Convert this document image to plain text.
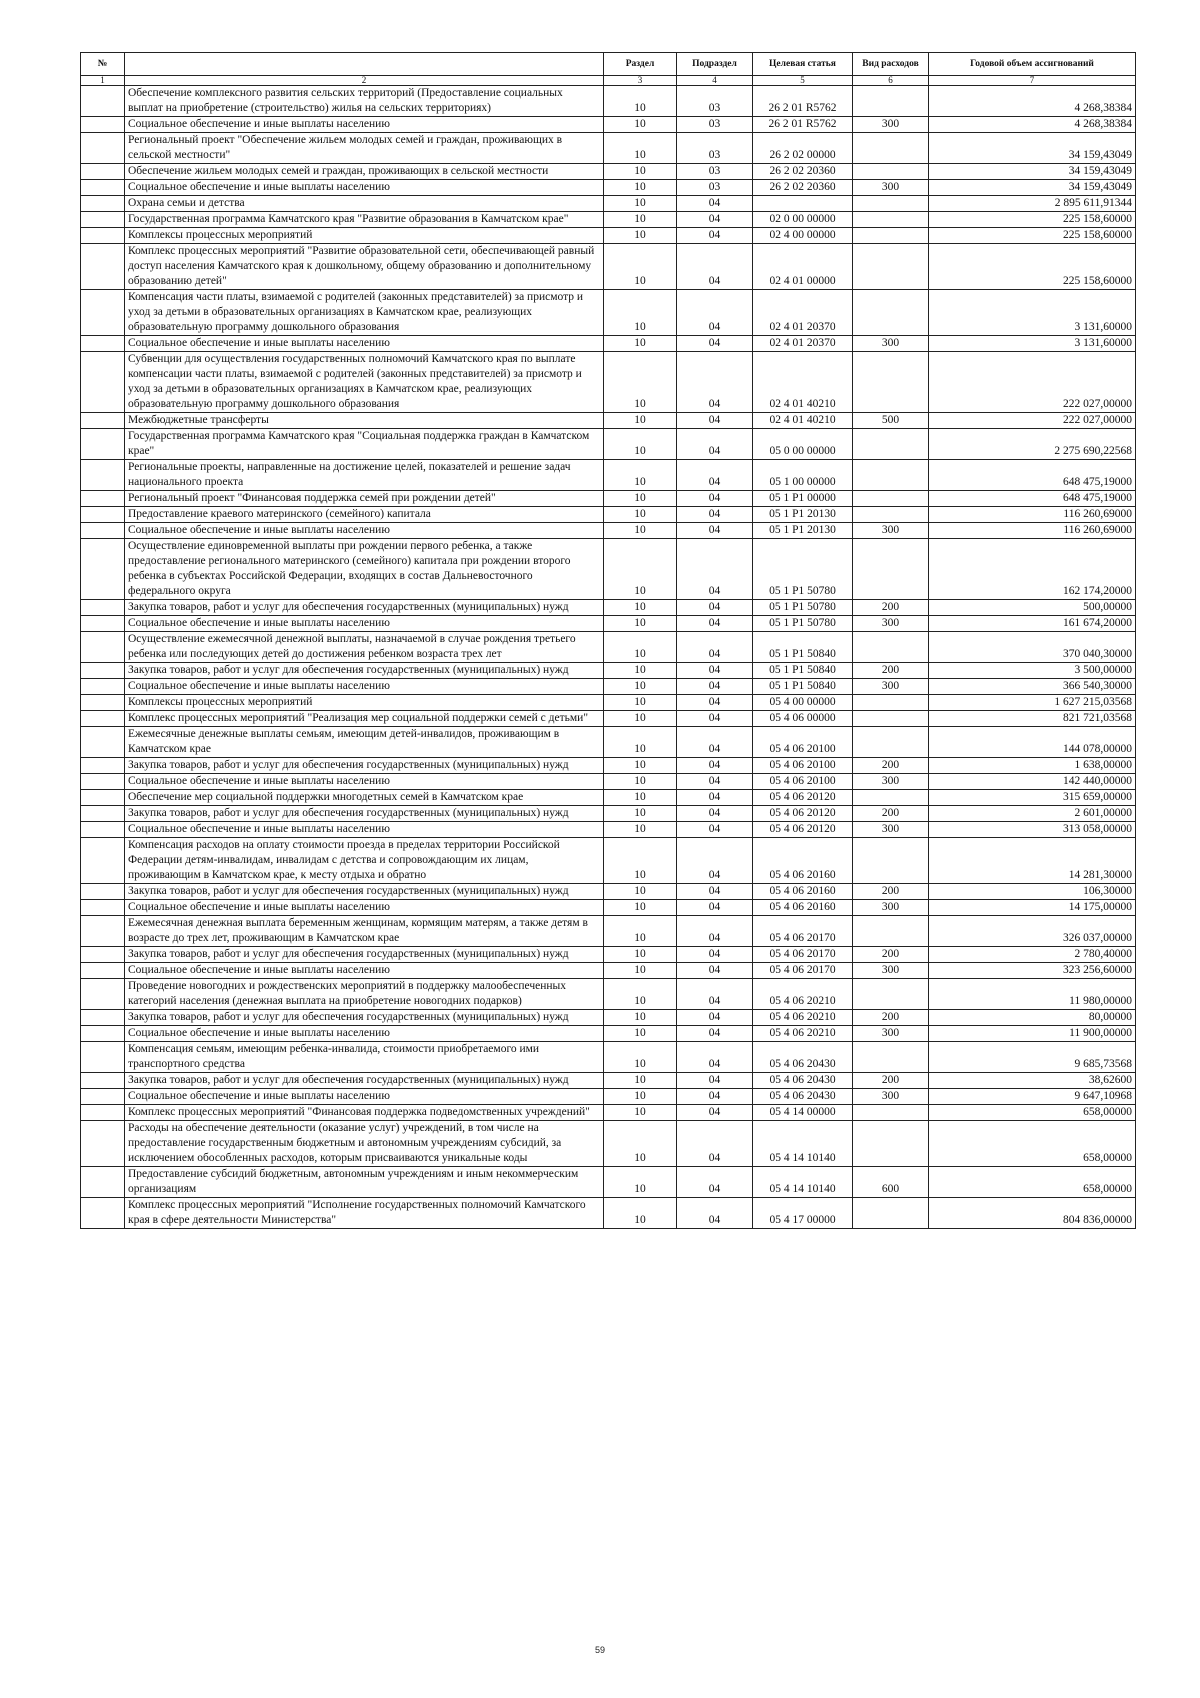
№		Раздел	Подраздел	Целевая статья	Вид расходов	Годовой объем ассигнований
1	2	3	4	5	6	7
	Обеспечение комплексного развития сельских территорий (Предоставление социальных выплат на приобретение (строительство) жилья на сельских территориях)	10	03	26 2 01 R5762		4 268,38384
	Социальное обеспечение и иные выплаты населению	10	03	26 2 01 R5762	300	4 268,38384
	Региональный проект "Обеспечение жильем молодых семей и граждан, проживающих в сельской местности"	10	03	26 2 02 00000		34 159,43049
	Обеспечение жильем молодых семей и граждан, проживающих в сельской местности	10	03	26 2 02 20360		34 159,43049
	Социальное обеспечение и иные выплаты населению	10	03	26 2 02 20360	300	34 159,43049
	Охрана семьи и детства	10	04			2 895 611,91344
	Государственная программа Камчатского края "Развитие образования в Камчатском крае"	10	04	02 0 00 00000		225 158,60000
	Комплексы процессных мероприятий	10	04	02 4 00 00000		225 158,60000
	Комплекс процессных мероприятий "Развитие образовательной сети, обеспечивающей равный доступ населения Камчатского края к дошкольному, общему образованию и дополнительному образованию детей"	10	04	02 4 01 00000		225 158,60000
	Компенсация части платы, взимаемой с родителей (законных представителей) за присмотр и уход за детьми в образовательных организациях в Камчатском крае, реализующих образовательную программу дошкольного образования	10	04	02 4 01 20370		3 131,60000
	Социальное обеспечение и иные выплаты населению	10	04	02 4 01 20370	300	3 131,60000
	Субвенции для осуществления государственных полномочий Камчатского края по выплате компенсации части платы, взимаемой с родителей (законных представителей) за присмотр и уход за детьми в образовательных организациях в Камчатском крае, реализующих образовательную программу дошкольного образования	10	04	02 4 01 40210		222 027,00000
	Межбюджетные трансферты	10	04	02 4 01 40210	500	222 027,00000
	Государственная программа Камчатского края "Социальная поддержка граждан в Камчатском крае"	10	04	05 0 00 00000		2 275 690,22568
	Региональные проекты, направленные на достижение целей, показателей и решение задач национального проекта	10	04	05 1 00 00000		648 475,19000
	Региональный проект "Финансовая поддержка семей при рождении детей"	10	04	05 1 P1 00000		648 475,19000
	Предоставление краевого материнского (семейного) капитала	10	04	05 1 P1 20130		116 260,69000
	Социальное обеспечение и иные выплаты населению	10	04	05 1 P1 20130	300	116 260,69000
	Осуществление единовременной выплаты при рождении первого ребенка, а также предоставление регионального материнского (семейного) капитала при рождении второго ребенка в субъектах Российской Федерации, входящих в состав Дальневосточного федерального округа	10	04	05 1 P1 50780		162 174,20000
	Закупка товаров, работ и услуг для обеспечения государственных (муниципальных) нужд	10	04	05 1 P1 50780	200	500,00000
	Социальное обеспечение и иные выплаты населению	10	04	05 1 P1 50780	300	161 674,20000
	Осуществление ежемесячной денежной выплаты, назначаемой в случае рождения третьего ребенка или последующих детей до достижения ребенком возраста трех лет	10	04	05 1 P1 50840		370 040,30000
	Закупка товаров, работ и услуг для обеспечения государственных (муниципальных) нужд	10	04	05 1 P1 50840	200	3 500,00000
	Социальное обеспечение и иные выплаты населению	10	04	05 1 P1 50840	300	366 540,30000
	Комплексы процессных мероприятий	10	04	05 4 00 00000		1 627 215,03568
	Комплекс процессных мероприятий "Реализация мер социальной поддержки семей с детьми"	10	04	05 4 06 00000		821 721,03568
	Ежемесячные денежные выплаты семьям, имеющим детей-инвалидов, проживающим в Камчатском крае	10	04	05 4 06 20100		144 078,00000
	Закупка товаров, работ и услуг для обеспечения государственных (муниципальных) нужд	10	04	05 4 06 20100	200	1 638,00000
	Социальное обеспечение и иные выплаты населению	10	04	05 4 06 20100	300	142 440,00000
	Обеспечение мер социальной поддержки многодетных семей в Камчатском крае	10	04	05 4 06 20120		315 659,00000
	Закупка товаров, работ и услуг для обеспечения государственных (муниципальных) нужд	10	04	05 4 06 20120	200	2 601,00000
	Социальное обеспечение и иные выплаты населению	10	04	05 4 06 20120	300	313 058,00000
	Компенсация расходов на оплату стоимости проезда в пределах территории Российской Федерации детям-инвалидам, инвалидам с детства и сопровождающим их лицам, проживающим в Камчатском крае, к месту отдыха и обратно	10	04	05 4 06 20160		14 281,30000
	Закупка товаров, работ и услуг для обеспечения государственных (муниципальных) нужд	10	04	05 4 06 20160	200	106,30000
	Социальное обеспечение и иные выплаты населению	10	04	05 4 06 20160	300	14 175,00000
	Ежемесячная денежная выплата беременным женщинам, кормящим матерям, а также детям в возрасте до трех лет, проживающим в Камчатском крае	10	04	05 4 06 20170		326 037,00000
	Закупка товаров, работ и услуг для обеспечения государственных (муниципальных) нужд	10	04	05 4 06 20170	200	2 780,40000
	Социальное обеспечение и иные выплаты населению	10	04	05 4 06 20170	300	323 256,60000
	Проведение новогодних и рождественских мероприятий в поддержку малообеспеченных категорий населения (денежная выплата на приобретение новогодних подарков)	10	04	05 4 06 20210		11 980,00000
	Закупка товаров, работ и услуг для обеспечения государственных (муниципальных) нужд	10	04	05 4 06 20210	200	80,00000
	Социальное обеспечение и иные выплаты населению	10	04	05 4 06 20210	300	11 900,00000
	Компенсация семьям, имеющим ребенка-инвалида, стоимости приобретаемого ими транспортного средства	10	04	05 4 06 20430		9 685,73568
	Закупка товаров, работ и услуг для обеспечения государственных (муниципальных) нужд	10	04	05 4 06 20430	200	38,62600
	Социальное обеспечение и иные выплаты населению	10	04	05 4 06 20430	300	9 647,10968
	Комплекс процессных мероприятий "Финансовая поддержка подведомственных учреждений"	10	04	05 4 14 00000		658,00000
	Расходы на обеспечение деятельности (оказание услуг) учреждений, в том числе на предоставление государственным бюджетным и автономным учреждениям субсидий, за исключением обособленных расходов, которым присваиваются уникальные коды	10	04	05 4 14 10140		658,00000
	Предоставление субсидий бюджетным, автономным учреждениям и иным некоммерческим организациям	10	04	05 4 14 10140	600	658,00000
	Комплекс процессных мероприятий "Исполнение государственных полномочий Камчатского края в сфере деятельности Министерства"	10	04	05 4 17 00000		804 836,00000
59
